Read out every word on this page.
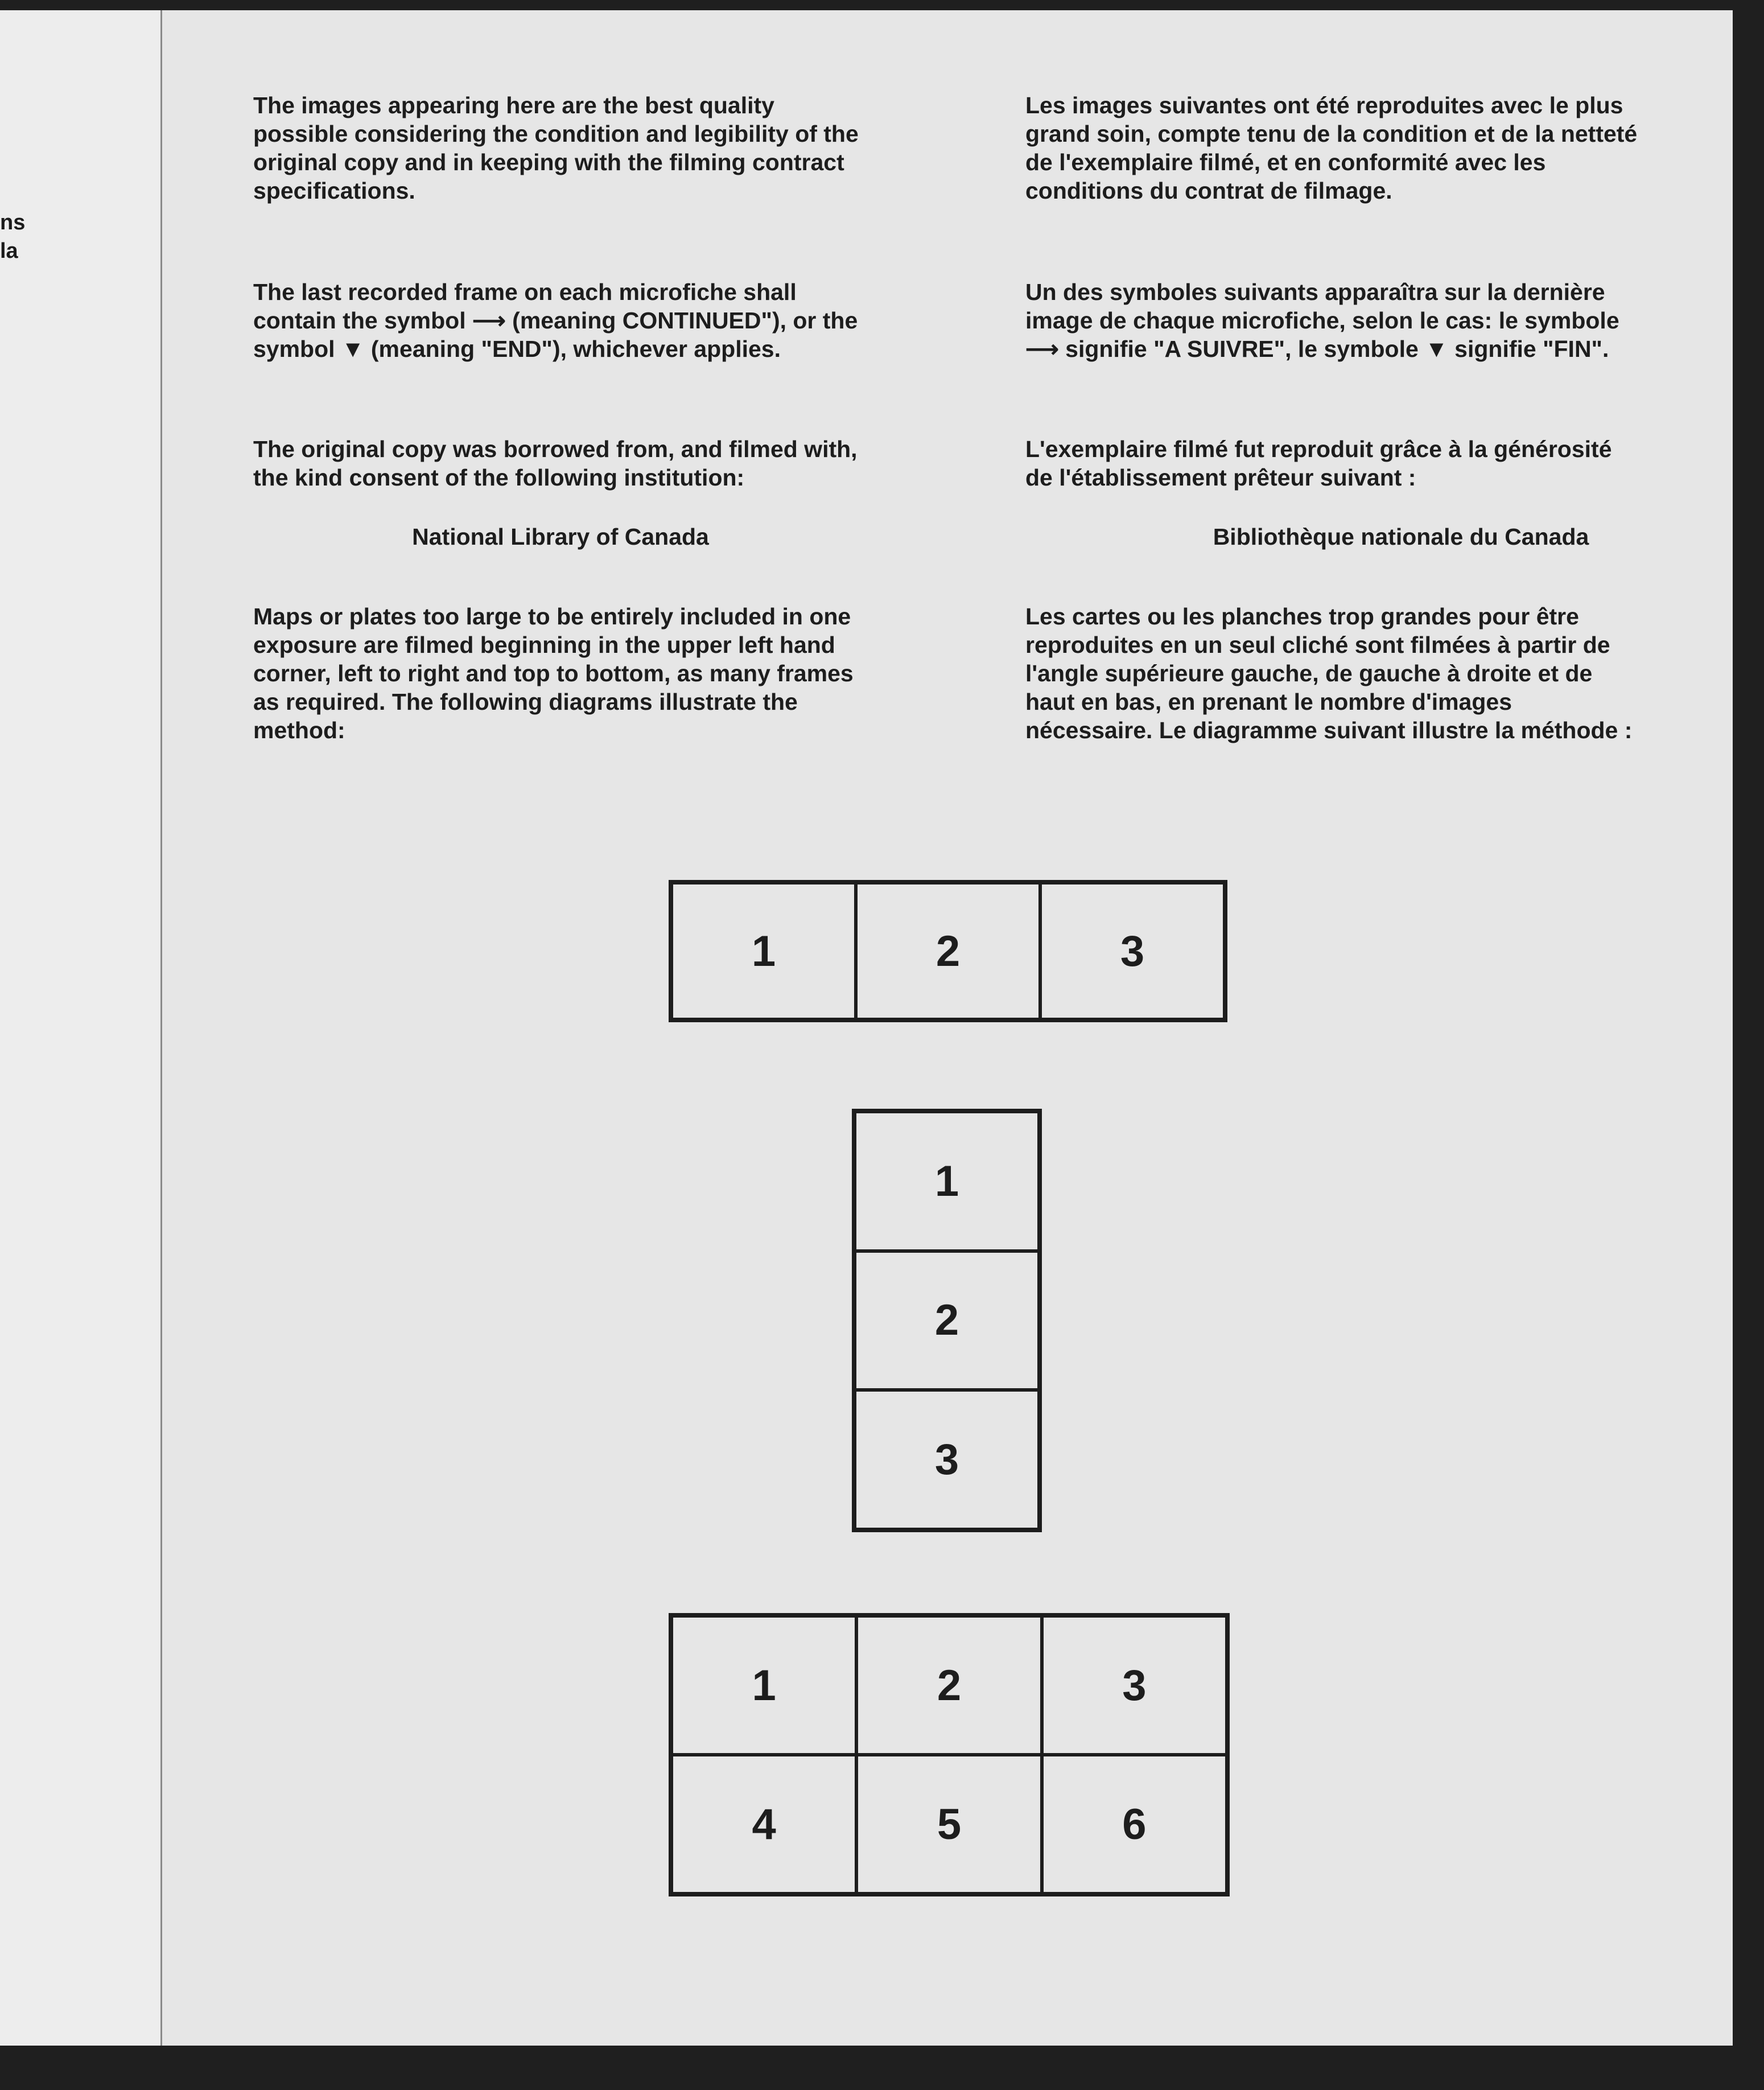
ns
la

The images appearing here are the best quality possible considering the condition and legibility of the original copy and in keeping with the filming contract specifications.

The last recorded frame on each microfiche shall contain the symbol ⟶ (meaning CONTINUED"), or the symbol ▼ (meaning "END"), whichever applies.

The original copy was borrowed from, and filmed with, the kind consent of the following institution:

National Library of Canada

Maps or plates too large to be entirely included in one exposure are filmed beginning in the upper left hand corner, left to right and top to bottom, as many frames as required. The following diagrams illustrate the method:

Les images suivantes ont été reproduites avec le plus grand soin, compte tenu de la condition et de la netteté de l'exemplaire filmé, et en conformité avec les conditions du contrat de filmage.

Un des symboles suivants apparaîtra sur la dernière image de chaque microfiche, selon le cas: le symbole ⟶ signifie "A SUIVRE", le symbole ▼ signifie "FIN".

L'exemplaire filmé fut reproduit grâce à la générosité de l'établissement prêteur suivant :

Bibliothèque nationale du Canada

Les cartes ou les planches trop grandes pour être reproduites en un seul cliché sont filmées à partir de l'angle supérieure gauche, de gauche à droite et de haut en bas, en prenant le nombre d'images nécessaire. Le diagramme suivant illustre la méthode :

1	2	3
1
2
3
1	2	3
4	5	6
